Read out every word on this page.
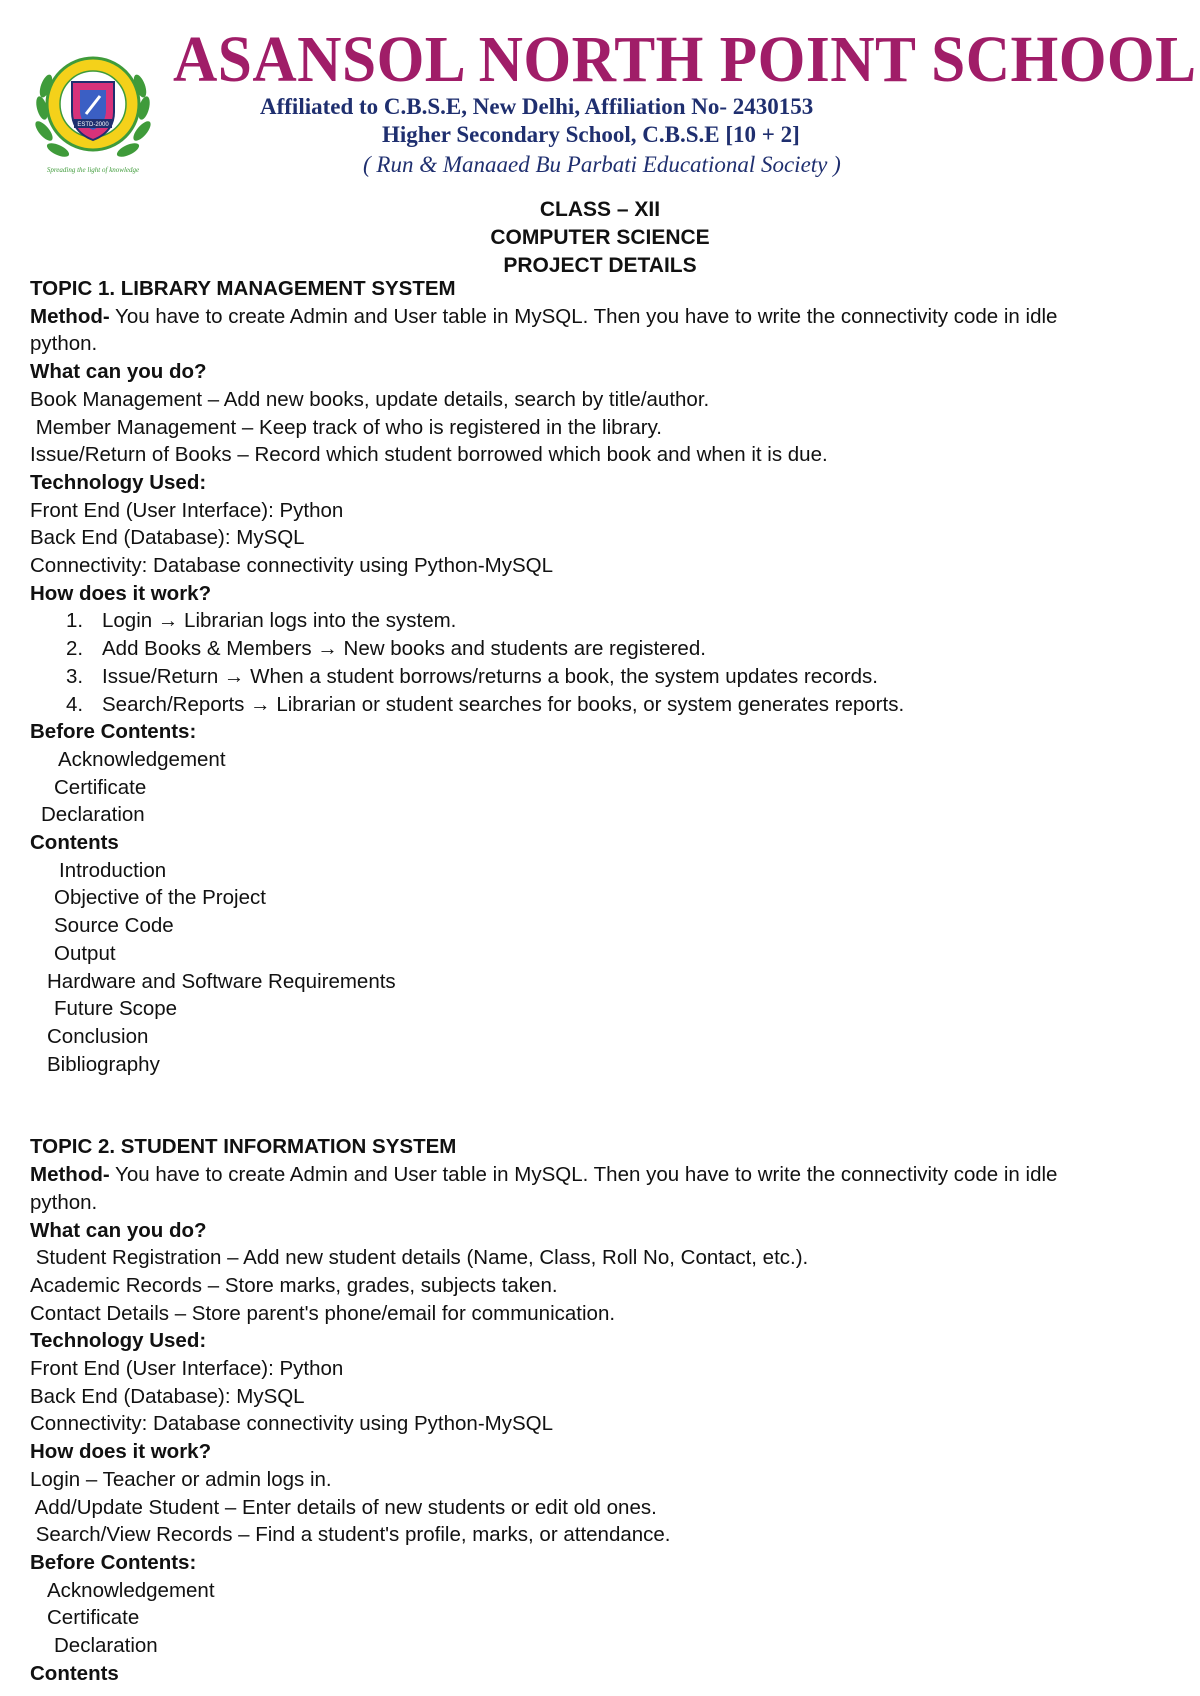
ESTD-2000
Spreading the light of knowledge
ASANSOL NORTH POINT SCHOOL
Affiliated to C.B.S.E, New Delhi, Affiliation No- 2430153
Higher Secondary School, C.B.S.E [10 + 2]
( Run & Manaaed Bu Parbati Educational Society )
CLASS – XII
COMPUTER SCIENCE
PROJECT DETAILS
TOPIC 1. LIBRARY MANAGEMENT SYSTEM
Method- You have to create Admin and User table in MySQL. Then you have to write the connectivity code in idle
python.
What can you do?
Book Management – Add new books, update details, search by title/author.
Member Management – Keep track of who is registered in the library.
Issue/Return of Books – Record which student borrowed which book and when it is due.
Technology Used:
Front End (User Interface): Python
Back End (Database): MySQL
Connectivity: Database connectivity using Python-MySQL
How does it work?
1. Login → Librarian logs into the system.
2. Add Books & Members → New books and students are registered.
3. Issue/Return → When a student borrows/returns a book, the system updates records.
4. Search/Reports → Librarian or student searches for books, or system generates reports.
Before Contents:
Acknowledgement
Certificate
Declaration
Contents
Introduction
Objective of the Project
Source Code
Output
Hardware and Software Requirements
Future Scope
Conclusion
Bibliography
TOPIC 2. STUDENT INFORMATION SYSTEM
Method- You have to create Admin and User table in MySQL. Then you have to write the connectivity code in idle
python.
What can you do?
Student Registration – Add new student details (Name, Class, Roll No, Contact, etc.).
Academic Records – Store marks, grades, subjects taken.
Contact Details – Store parent's phone/email for communication.
Technology Used:
Front End (User Interface): Python
Back End (Database): MySQL
Connectivity: Database connectivity using Python-MySQL
How does it work?
Login – Teacher or admin logs in.
Add/Update Student – Enter details of new students or edit old ones.
Search/View Records – Find a student's profile, marks, or attendance.
Before Contents:
Acknowledgement
Certificate
Declaration
Contents
